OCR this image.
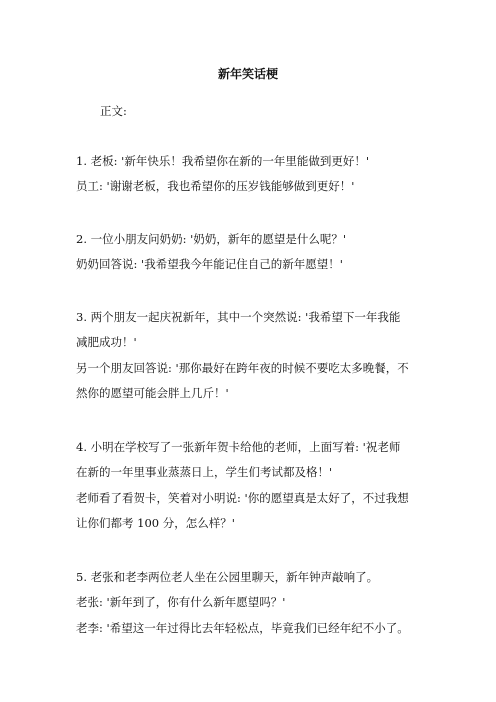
新年笑话梗
正文:
1. 老板: '新年快乐！我希望你在新的一年里能做到更好！'
员工: '谢谢老板，我也希望你的压岁钱能够做到更好！'
2. 一位小朋友问奶奶: '奶奶，新年的愿望是什么呢？'
奶奶回答说: '我希望我今年能记住自己的新年愿望！'
3. 两个朋友一起庆祝新年，其中一个突然说: '我希望下一年我能
减肥成功！'
另一个朋友回答说: '那你最好在跨年夜的时候不要吃太多晚餐，不
然你的愿望可能会胖上几斤！'
4. 小明在学校写了一张新年贺卡给他的老师，上面写着: '祝老师
在新的一年里事业蒸蒸日上，学生们考试都及格！'
老师看了看贺卡，笑着对小明说: '你的愿望真是太好了，不过我想
让你们都考 100 分，怎么样？'
5. 老张和老李两位老人坐在公园里聊天，新年钟声敲响了。
老张: '新年到了，你有什么新年愿望吗？'
老李: '希望这一年过得比去年轻松点，毕竟我们已经年纪不小了。
